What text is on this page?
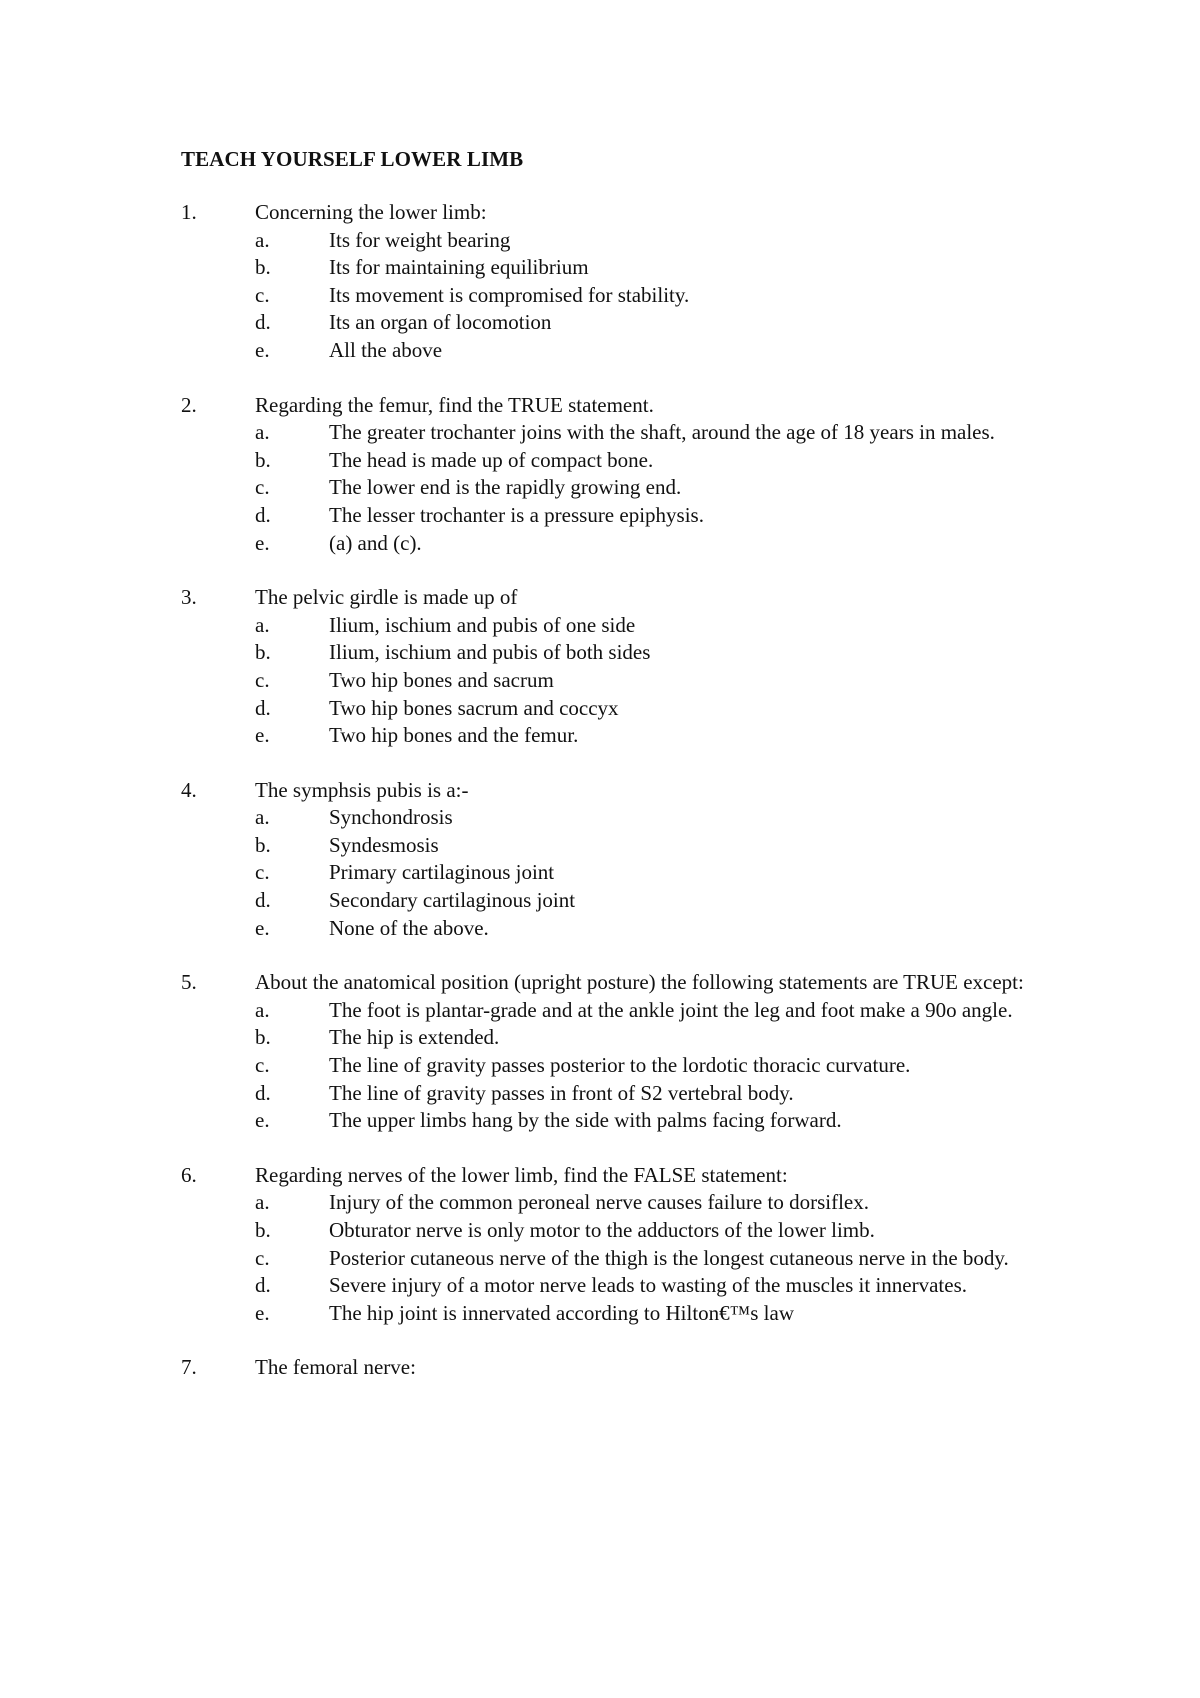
TEACH YOURSELF LOWER LIMB
1.	Concerning the lower limb:
a.	Its for weight bearing
b.	Its for maintaining equilibrium
c.	Its movement is compromised for stability.
d.	Its an organ of locomotion
e.	All the above
2.	Regarding the femur, find the TRUE statement.
a.	The greater trochanter joins with the shaft, around the age of 18 years in males.
b.	The head is made up of compact bone.
c.	The lower end is the rapidly growing end.
d.	The lesser trochanter is a pressure epiphysis.
e.	(a) and (c).
3.	The pelvic girdle is made up of
a.	Ilium, ischium and pubis of one side
b.	Ilium, ischium and pubis of both sides
c.	Two hip bones and sacrum
d.	Two hip bones sacrum and coccyx
e.	Two hip bones and the femur.
4.	The symphsis pubis is a:-
a.	Synchondrosis
b.	Syndesmosis
c.	Primary cartilaginous joint
d.	Secondary cartilaginous joint
e.	None of the above.
5.	About the anatomical position (upright posture) the following statements are TRUE except:
a.	The foot is plantar-grade and at the ankle joint the leg and foot make a 90o angle.
b.	The hip is extended.
c.	The line of gravity passes posterior to the lordotic thoracic curvature.
d.	The line of gravity passes in front of S2 vertebral body.
e.	The upper limbs hang by the side with palms facing forward.
6.	Regarding nerves of the lower limb, find the FALSE statement:
a.	Injury of the common peroneal nerve causes failure to dorsiflex.
b.	Obturator nerve is only motor to the adductors of the lower limb.
c.	Posterior cutaneous nerve of the thigh is the longest cutaneous nerve in the body.
d.	Severe injury of a motor nerve leads to wasting of the muscles it innervates.
e.	The hip joint is innervated according to Hilton€™s law
7.	The femoral nerve:
